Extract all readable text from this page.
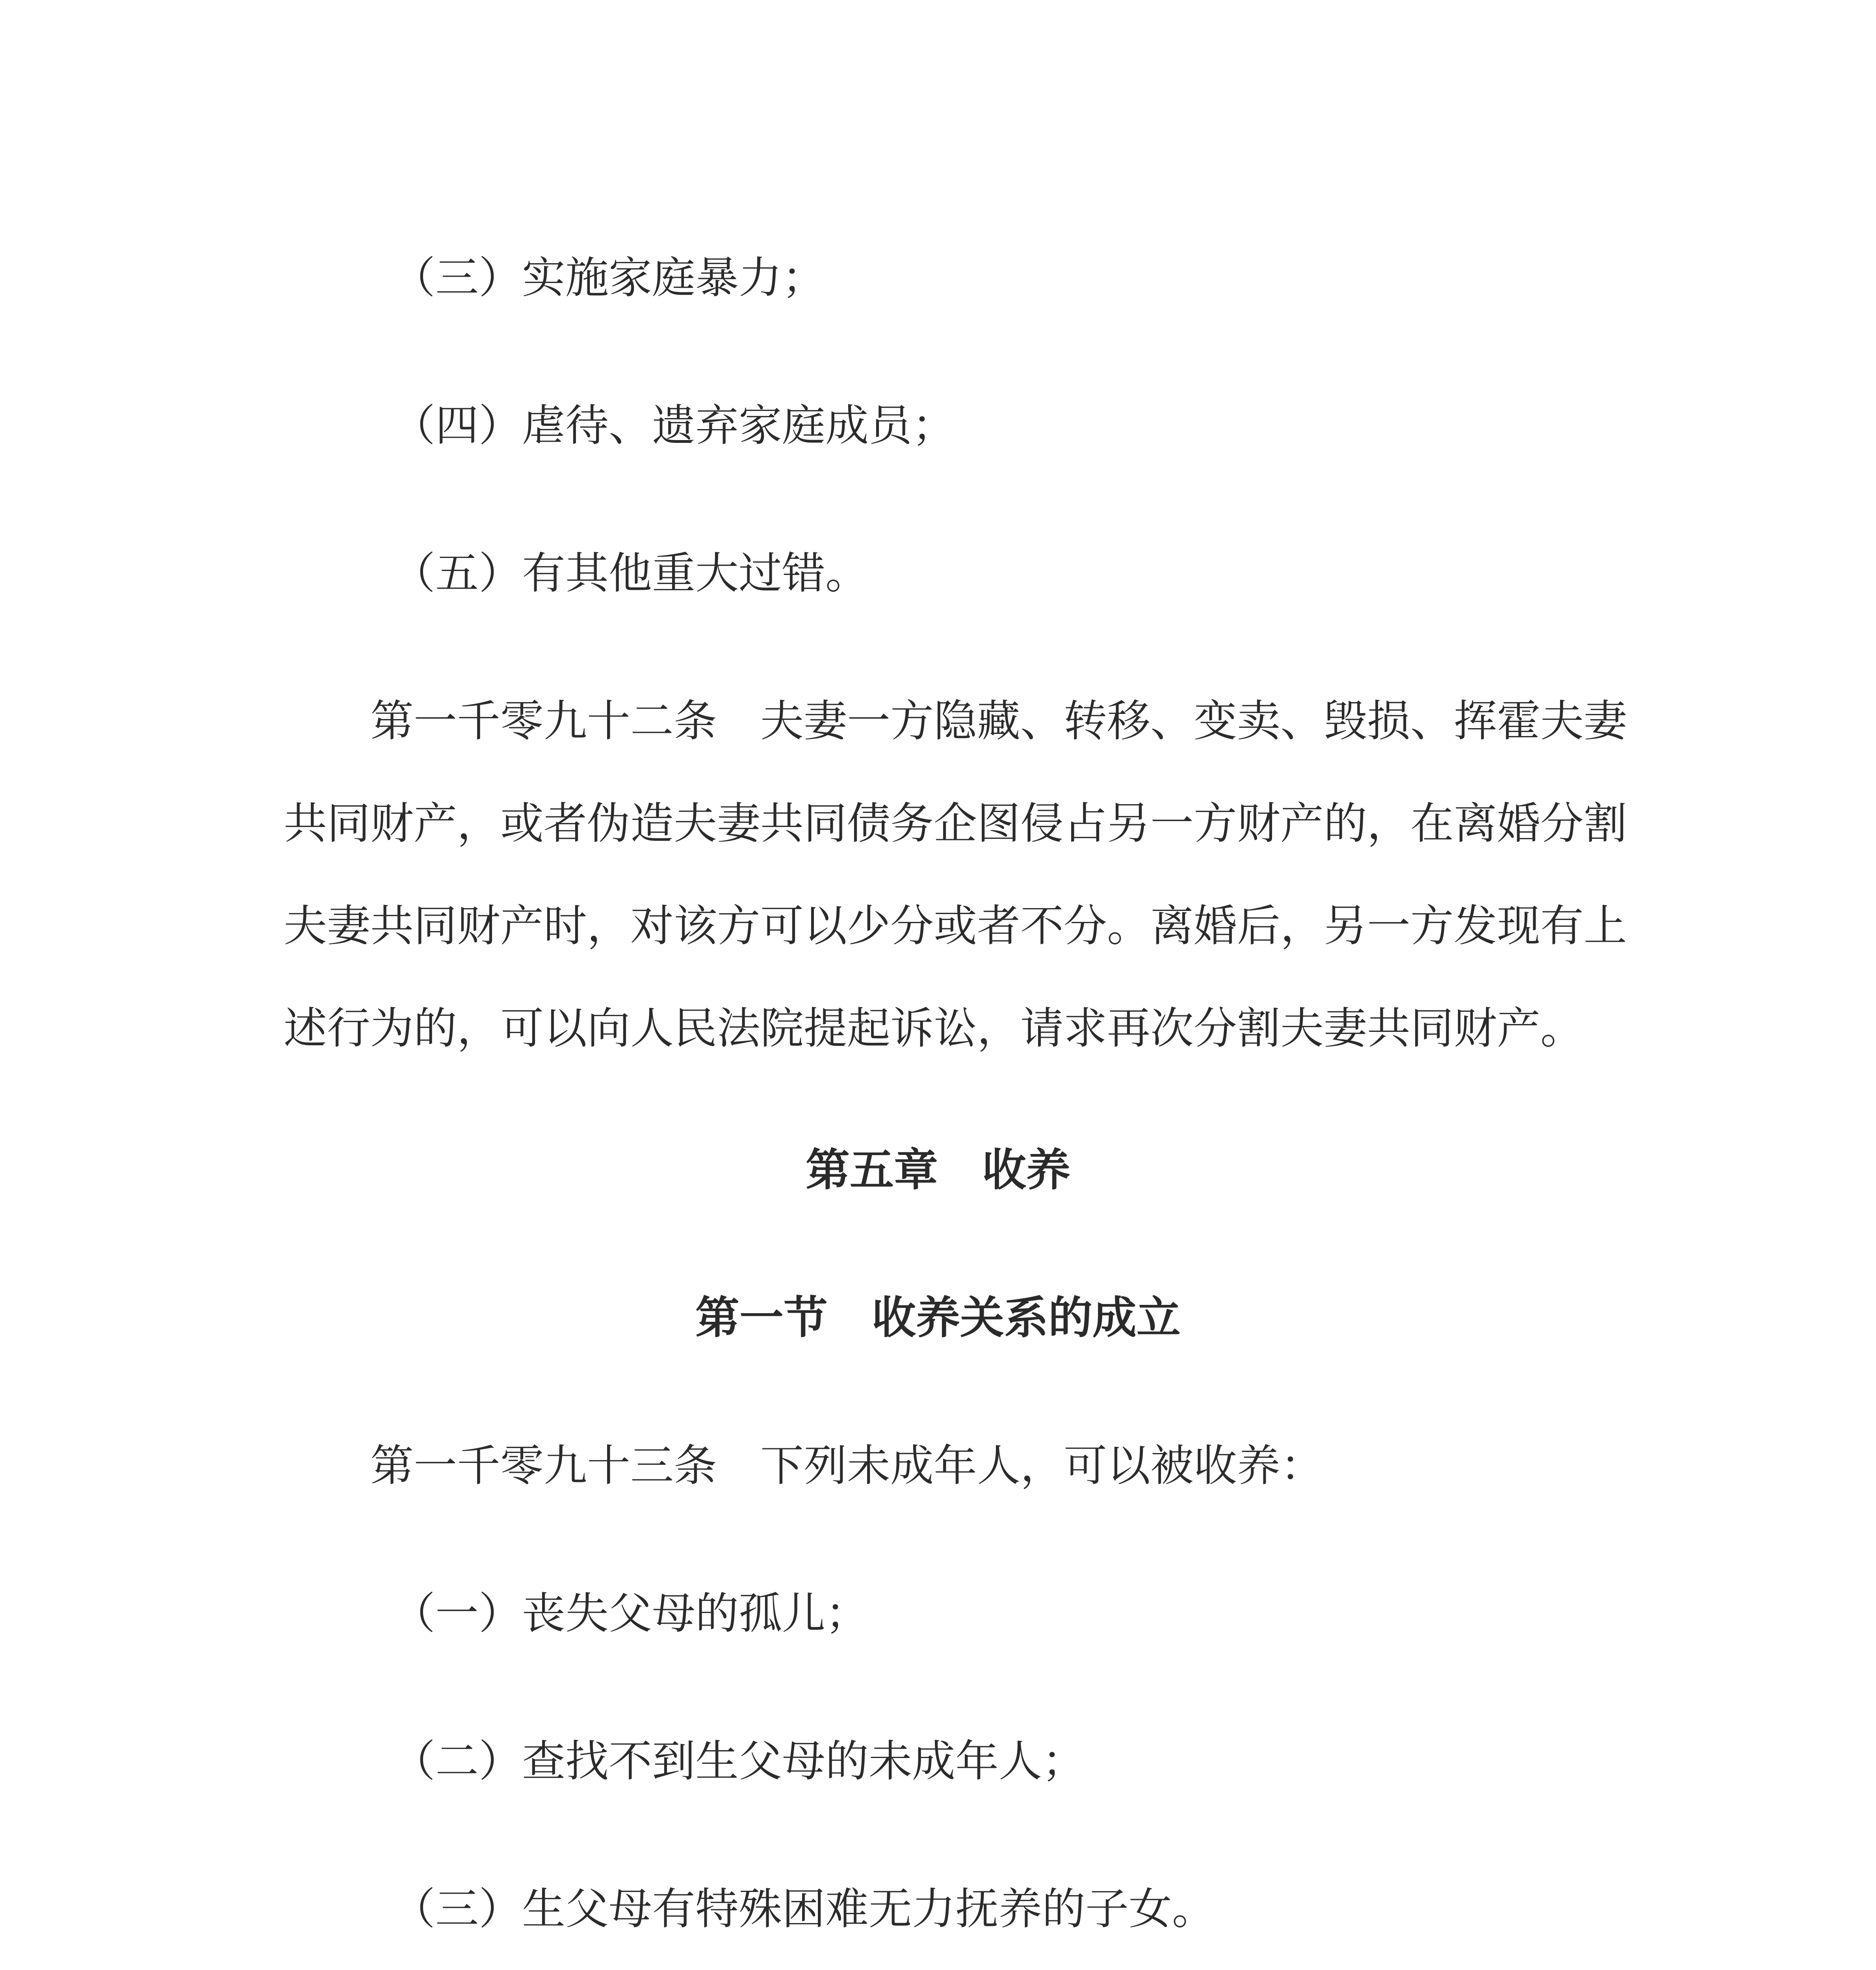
（三）实施家庭暴力；

（四）虐待、遗弃家庭成员；

（五）有其他重大过错。

第一千零九十二条　夫妻一方隐藏、转移、变卖、毁损、挥霍夫妻

共同财产，或者伪造夫妻共同债务企图侵占另一方财产的，在离婚分割

夫妻共同财产时，对该方可以少分或者不分。离婚后，另一方发现有上

述行为的，可以向人民法院提起诉讼，请求再次分割夫妻共同财产。

第五章　收养
第一节　收养关系的成立

第一千零九十三条　下列未成年人，可以被收养：

（一）丧失父母的孤儿；

（二）查找不到生父母的未成年人；

（三）生父母有特殊困难无力抚养的子女。
